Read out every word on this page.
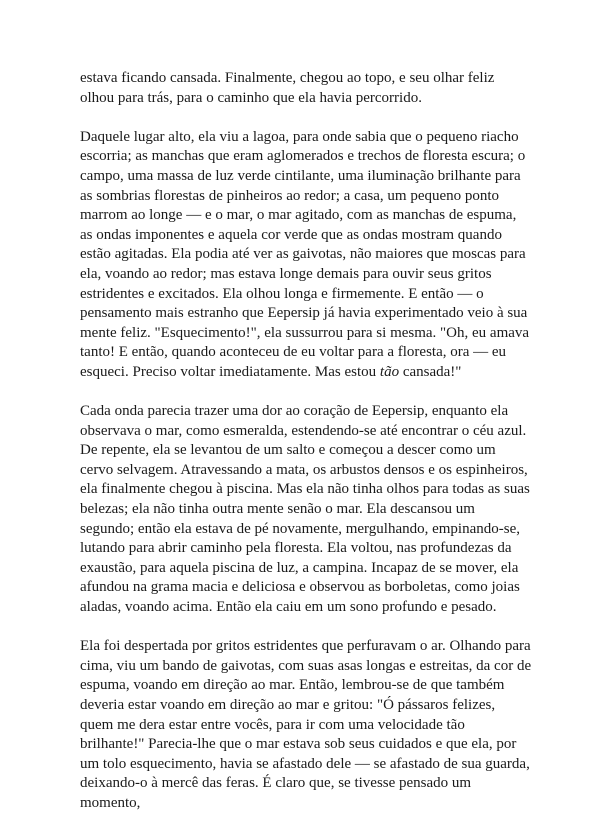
estava ficando cansada. Finalmente, chegou ao topo, e seu olhar feliz olhou para trás, para o caminho que ela havia percorrido.

Daquele lugar alto, ela viu a lagoa, para onde sabia que o pequeno riacho escorria; as manchas que eram aglomerados e trechos de floresta escura; o campo, uma massa de luz verde cintilante, uma iluminação brilhante para as sombrias florestas de pinheiros ao redor; a casa, um pequeno ponto marrom ao longe — e o mar, o mar agitado, com as manchas de espuma, as ondas imponentes e aquela cor verde que as ondas mostram quando estão agitadas. Ela podia até ver as gaivotas, não maiores que moscas para ela, voando ao redor; mas estava longe demais para ouvir seus gritos estridentes e excitados. Ela olhou longa e firmemente. E então — o pensamento mais estranho que Eepersip já havia experimentado veio à sua mente feliz. "Esquecimento!", ela sussurrou para si mesma. "Oh, eu amava tanto! E então, quando aconteceu de eu voltar para a floresta, ora — eu esqueci. Preciso voltar imediatamente. Mas estou tão cansada!"

Cada onda parecia trazer uma dor ao coração de Eepersip, enquanto ela observava o mar, como esmeralda, estendendo-se até encontrar o céu azul. De repente, ela se levantou de um salto e começou a descer como um cervo selvagem. Atravessando a mata, os arbustos densos e os espinheiros, ela finalmente chegou à piscina. Mas ela não tinha olhos para todas as suas belezas; ela não tinha outra mente senão o mar. Ela descansou um segundo; então ela estava de pé novamente, mergulhando, empinando-se, lutando para abrir caminho pela floresta. Ela voltou, nas profundezas da exaustão, para aquela piscina de luz, a campina. Incapaz de se mover, ela afundou na grama macia e deliciosa e observou as borboletas, como joias aladas, voando acima. Então ela caiu em um sono profundo e pesado.

Ela foi despertada por gritos estridentes que perfuravam o ar. Olhando para cima, viu um bando de gaivotas, com suas asas longas e estreitas, da cor de espuma, voando em direção ao mar. Então, lembrou-se de que também deveria estar voando em direção ao mar e gritou: "Ó pássaros felizes, quem me dera estar entre vocês, para ir com uma velocidade tão brilhante!" Parecia-lhe que o mar estava sob seus cuidados e que ela, por um tolo esquecimento, havia se afastado dele — se afastado de sua guarda, deixando-o à mercê das feras. É claro que, se tivesse pensado um momento,
